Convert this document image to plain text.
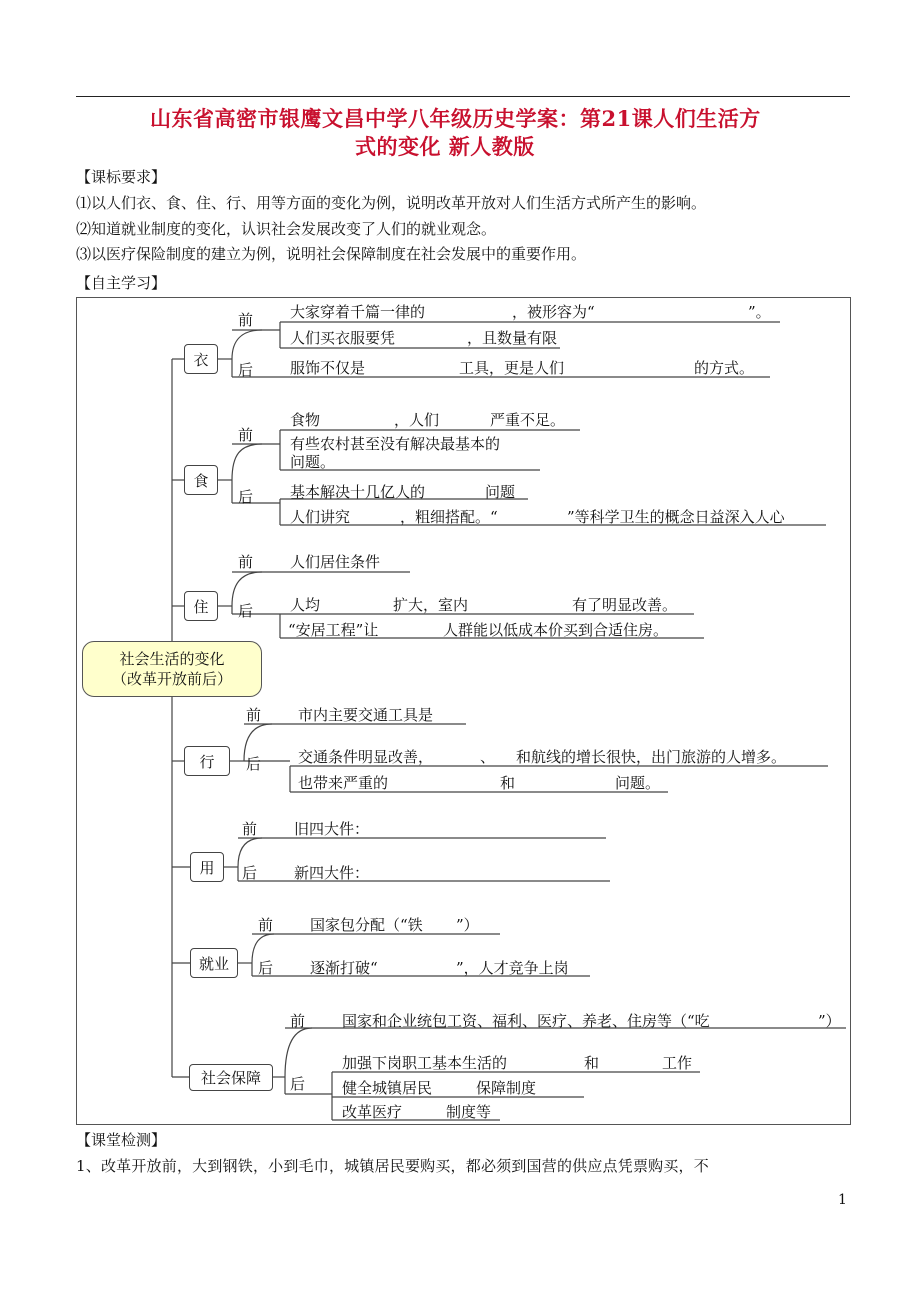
山东省高密市银鹰文昌中学八年级历史学案：第21课人们生活方
式的变化 新人教版
【课标要求】
⑴以人们衣、食、住、行、用等方面的变化为例，说明改革开放对人们生活方式所产生的影响。
⑵知道就业制度的变化，认识社会发展改变了人们的就业观念。
⑶以医疗保险制度的建立为例，说明社会保障制度在社会发展中的重要作用。
【自主学习】
社会生活的变化
（改革开放前后）
衣
食
住
行
用
就业
社会保障
前
后
大家穿着千篇一律的	，被形容为“	”。
人们买衣服要凭	，且数量有限
服饰不仅是	工具，更是人们	的方式。
前
后
食物	，人们	严重不足。
有些农村甚至没有解决最基本的
问题。
基本解决十几亿人的	问题
人们讲究	，粗细搭配。“	”等科学卫生的概念日益深入人心
前
后
人们居住条件
人均	扩大，室内	有了明显改善。
“安居工程”让	人群能以低成本价买到合适住房。
前
后
市内主要交通工具是
交通条件明显改善，	、 和航线的增长很快，出门旅游的人增多。
也带来严重的	和	问题。
前
后
旧四大件：
新四大件：
前
后
国家包分配（“铁 ”）
逐渐打破“	”，人才竞争上岗
前
后
国家和企业统包工资、福利、医疗、养老、住房等（“吃	”）
加强下岗职工基本生活的	和	工作
健全城镇居民	保障制度
改革医疗	制度等
【课堂检测】
1、改革开放前，大到钢铁，小到毛巾，城镇居民要购买，都必须到国营的供应点凭票购买，不
1
